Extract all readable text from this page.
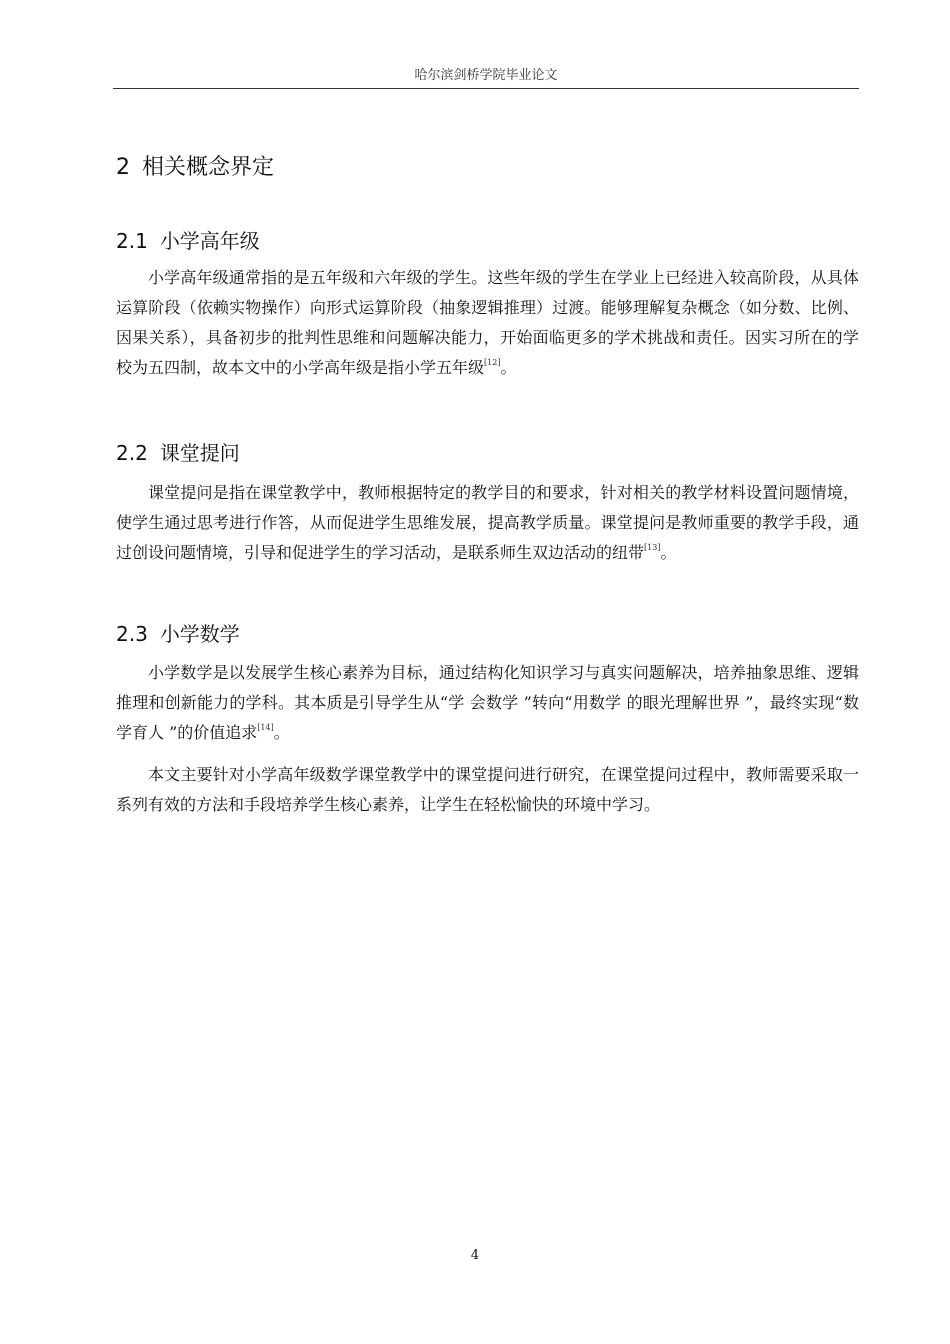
哈尔滨剑桥学院毕业论文
2 相关概念界定
2.1 小学高年级

小学高年级通常指的是五年级和六年级的学生。这些年级的学生在学业上已经进入较高阶段，从具体运算阶段（依赖实物操作）向形式运算阶段（抽象逻辑推理）过渡。能够理解复杂概念（如分数、比例、因果关系），具备初步的批判性思维和问题解决能力，开始面临更多的学术挑战和责任。因实习所在的学校为五四制，故本文中的小学高年级是指小学五年级[12]。

2.2 课堂提问

课堂提问是指在课堂教学中，教师根据特定的教学目的和要求，针对相关的教学材料设置问题情境，使学生通过思考进行作答，从而促进学生思维发展，提高教学质量。课堂提问是教师重要的教学手段，通过创设问题情境，引导和促进学生的学习活动，是联系师生双边活动的纽带[13]。

2.3 小学数学

小学数学是以发展学生核心素养为目标，通过结构化知识学习与真实问题解决，培养抽象思维、逻辑推理和创新能力的学科。其本质是引导学生从“学 会数学 ”转向“用数学 的眼光理解世界 ”，最终实现“数学育人 ”的价值追求[14]。

本文主要针对小学高年级数学课堂教学中的课堂提问进行研究，在课堂提问过程中，教师需要采取一系列有效的方法和手段培养学生核心素养，让学生在轻松愉快的环境中学习。

4
